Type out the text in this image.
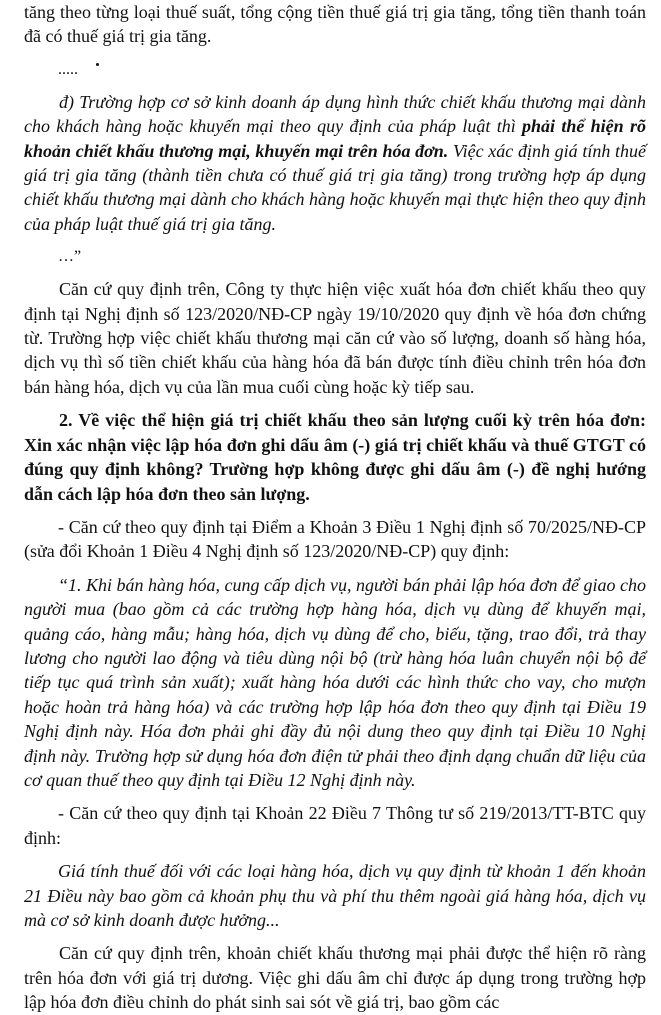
tăng theo từng loại thuế suất, tổng cộng tiền thuế giá trị gia tăng, tổng tiền thanh toán đã có thuế giá trị gia tăng.

.....

đ) Trường hợp cơ sở kinh doanh áp dụng hình thức chiết khấu thương mại dành cho khách hàng hoặc khuyến mại theo quy định của pháp luật thì phải thể hiện rõ khoản chiết khấu thương mại, khuyến mại trên hóa đơn. Việc xác định giá tính thuế giá trị gia tăng (thành tiền chưa có thuế giá trị gia tăng) trong trường hợp áp dụng chiết khấu thương mại dành cho khách hàng hoặc khuyến mại thực hiện theo quy định của pháp luật thuế giá trị gia tăng.

…”

Căn cứ quy định trên, Công ty thực hiện việc xuất hóa đơn chiết khấu theo quy định tại Nghị định số 123/2020/NĐ-CP ngày 19/10/2020 quy định về hóa đơn chứng từ. Trường hợp việc chiết khấu thương mại căn cứ vào số lượng, doanh số hàng hóa, dịch vụ thì số tiền chiết khấu của hàng hóa đã bán được tính điều chỉnh trên hóa đơn bán hàng hóa, dịch vụ của lần mua cuối cùng hoặc kỳ tiếp sau.

2. Về việc thể hiện giá trị chiết khấu theo sản lượng cuối kỳ trên hóa đơn: Xin xác nhận việc lập hóa đơn ghi dấu âm (-) giá trị chiết khấu và thuế GTGT có đúng quy định không? Trường hợp không được ghi dấu âm (-) đề nghị hướng dẫn cách lập hóa đơn theo sản lượng.

- Căn cứ theo quy định tại Điểm a Khoản 3 Điều 1 Nghị định số 70/2025/NĐ-CP (sửa đổi Khoản 1 Điều 4 Nghị định số 123/2020/NĐ-CP) quy định:

“1. Khi bán hàng hóa, cung cấp dịch vụ, người bán phải lập hóa đơn để giao cho người mua (bao gồm cả các trường hợp hàng hóa, dịch vụ dùng để khuyến mại, quảng cáo, hàng mẫu; hàng hóa, dịch vụ dùng để cho, biếu, tặng, trao đổi, trả thay lương cho người lao động và tiêu dùng nội bộ (trừ hàng hóa luân chuyển nội bộ để tiếp tục quá trình sản xuất); xuất hàng hóa dưới các hình thức cho vay, cho mượn hoặc hoàn trả hàng hóa) và các trường hợp lập hóa đơn theo quy định tại Điều 19 Nghị định này. Hóa đơn phải ghi đầy đủ nội dung theo quy định tại Điều 10 Nghị định này. Trường hợp sử dụng hóa đơn điện tử phải theo định dạng chuẩn dữ liệu của cơ quan thuế theo quy định tại Điều 12 Nghị định này.

- Căn cứ theo quy định tại Khoản 22 Điều 7 Thông tư số 219/2013/TT-BTC quy định:

Giá tính thuế đối với các loại hàng hóa, dịch vụ quy định từ khoản 1 đến khoản 21 Điều này bao gồm cả khoản phụ thu và phí thu thêm ngoài giá hàng hóa, dịch vụ mà cơ sở kinh doanh được hưởng...

Căn cứ quy định trên, khoản chiết khấu thương mại phải được thể hiện rõ ràng trên hóa đơn với giá trị dương. Việc ghi dấu âm chỉ được áp dụng trong trường hợp lập hóa đơn điều chỉnh do phát sinh sai sót về giá trị, bao gồm các
